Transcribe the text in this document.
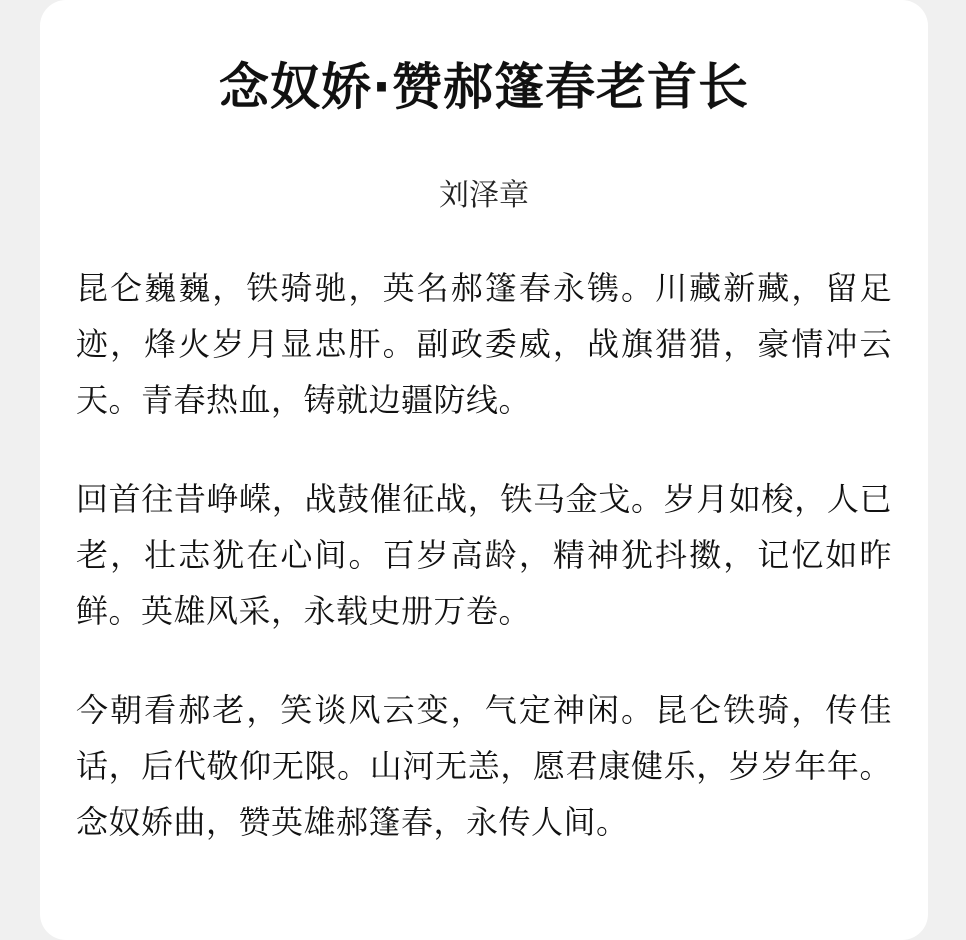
念奴娇·赞郝篷春老首长
刘泽章

昆仑巍巍，铁骑驰，英名郝篷春永镌。川藏新藏，留足迹，烽火岁月显忠肝。副政委威，战旗猎猎，豪情冲云天。青春热血，铸就边疆防线。

回首往昔峥嵘，战鼓催征战，铁马金戈。岁月如梭，人已老，壮志犹在心间。百岁高龄，精神犹抖擞，记忆如昨鲜。英雄风采，永载史册万卷。

今朝看郝老，笑谈风云变，气定神闲。昆仑铁骑，传佳话，后代敬仰无限。山河无恙，愿君康健乐，岁岁年年。念奴娇曲，赞英雄郝篷春，永传人间。
